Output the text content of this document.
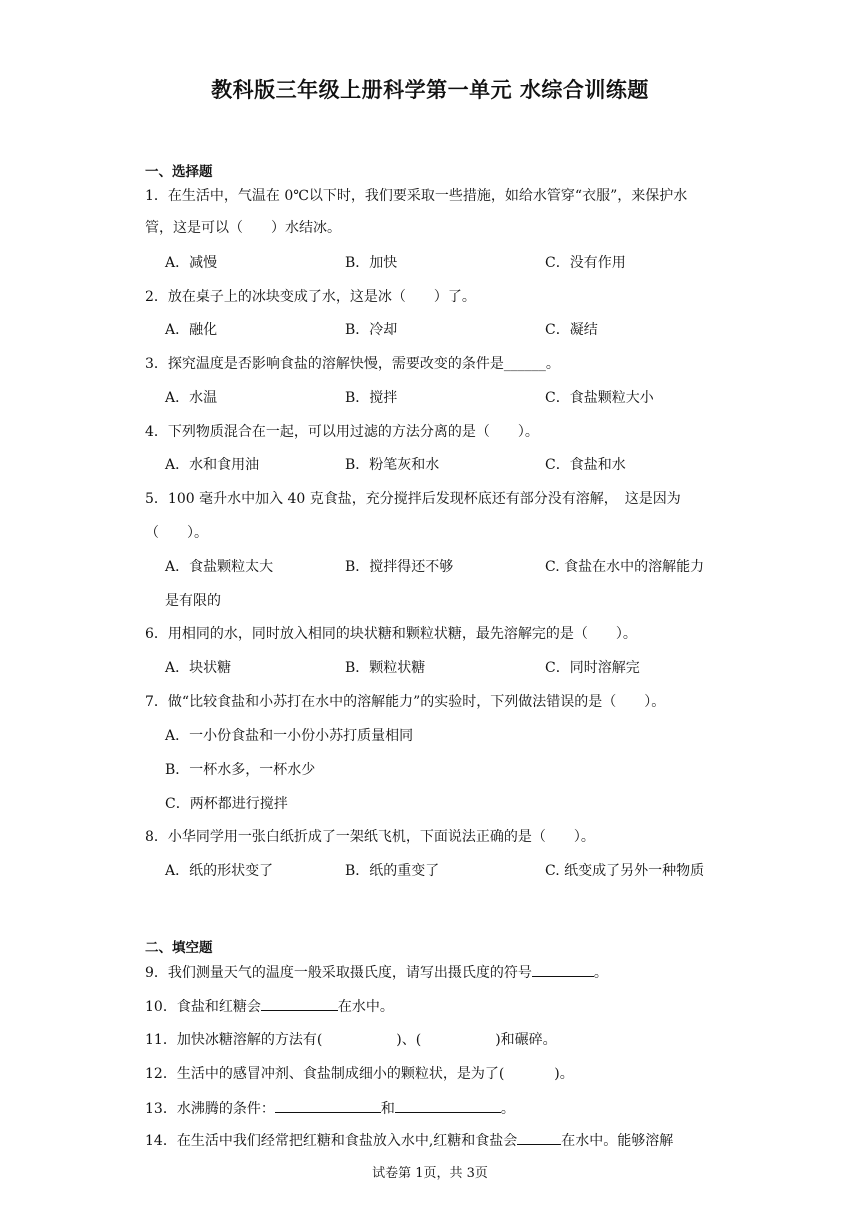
教科版三年级上册科学第一单元 水综合训练题
一、选择题
1．在生活中，气温在 0℃以下时，我们要采取一些措施，如给水管穿“衣服”，来保护水
管，这是可以（　　）水结冰。
A．减慢	B．加快	C．没有作用
2．放在桌子上的冰块变成了水，这是冰（　　）了。
A．融化	B．冷却	C．凝结
3．探究温度是否影响食盐的溶解快慢，需要改变的条件是______。
A．水温	B．搅拌	C．食盐颗粒大小
4．下列物质混合在一起，可以用过滤的方法分离的是（　　）。
A．水和食用油	B．粉笔灰和水	C．食盐和水
5．100 毫升水中加入 40 克食盐，充分搅拌后发现杯底还有部分没有溶解，　这是因为
（　　）。
A．食盐颗粒太大	B．搅拌得还不够	C. 食盐在水中的溶解能力
是有限的
6．用相同的水，同时放入相同的块状糖和颗粒状糖，最先溶解完的是（　　）。
A．块状糖	B．颗粒状糖	C．同时溶解完
7．做“比较食盐和小苏打在水中的溶解能力”的实验时，下列做法错误的是（　　）。
A．一小份食盐和一小份小苏打质量相同
B．一杯水多，一杯水少
C．两杯都进行搅拌
8．小华同学用一张白纸折成了一架纸飞机，下面说法正确的是（　　）。
A．纸的形状变了	B．纸的重变了	C. 纸变成了另外一种物质
二、填空题
9．我们测量天气的温度一般采取摄氏度，请写出摄氏度的符号	。
10．食盐和红糖会	在水中。
11．加快冰糖溶解的方法有(	)、(	)和碾碎。
12．生活中的感冒冲剂、食盐制成细小的颗粒状，是为了(	)。
13．水沸腾的条件：	和	。
14．在生活中我们经常把红糖和食盐放入水中,红糖和食盐会	在水中。能够溶解
试卷第 1页，共 3页
